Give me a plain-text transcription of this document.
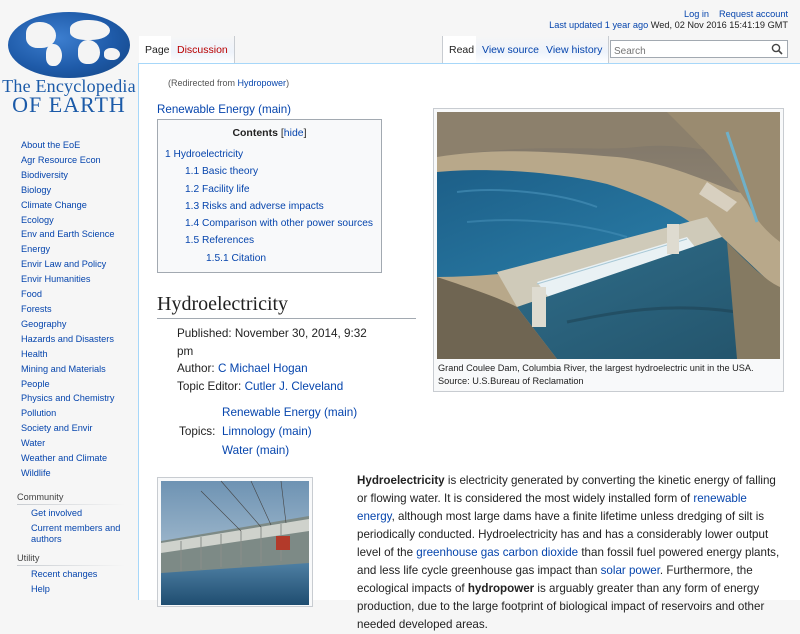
The Encyclopedia
OF EARTH
About the EoE
Agr Resource Econ
Biodiversity
Biology
Climate Change
Ecology
Env and Earth Science
Energy
Envir Law and Policy
Envir Humanities
Food
Forests
Geography
Hazards and Disasters
Health
Mining and Materials
People
Physics and Chemistry
Pollution
Society and Envir
Water
Weather and Climate
Wildlife
Community
Get involved
Current members and authors
Utility
Recent changes
Help
Log in Request account
Last updated 1 year ago Wed, 02 Nov 2016 15:41:19 GMT
Page Discussion	Read View source View history
Search
(Redirected from Hydropower)
Renewable Energy (main)
Contents [hide]
1 Hydroelectricity
1.1 Basic theory
1.2 Facility life
1.3 Risks and adverse impacts
1.4 Comparison with other power sources
1.5 References
1.5.1 Citation
Hydroelectricity
Published: November 30, 2014, 9:32 pm
Author: C Michael Hogan
Topic Editor: Cutler J. Cleveland
Topics:
Renewable Energy (main)
Limnology (main)
Water (main)
Grand Coulee Dam, Columbia River, the largest hydroelectric unit in the USA. Source: U.S.Bureau of Reclamation
Hydroelectricity is electricity generated by converting the kinetic energy of falling or flowing water. It is considered the most widely installed form of renewable energy, although most large dams have a finite lifetime unless dredging of silt is periodically conducted. Hydroelectricity has and has a considerably lower output level of the greenhouse gas carbon dioxide than fossil fuel powered energy plants, and less life cycle greenhouse gas impact than solar power. Furthermore, the ecological impacts of hydropower is arguably greater than any form of energy production, due to the large footprint of biological impact of reservoirs and other needed developed areas.
